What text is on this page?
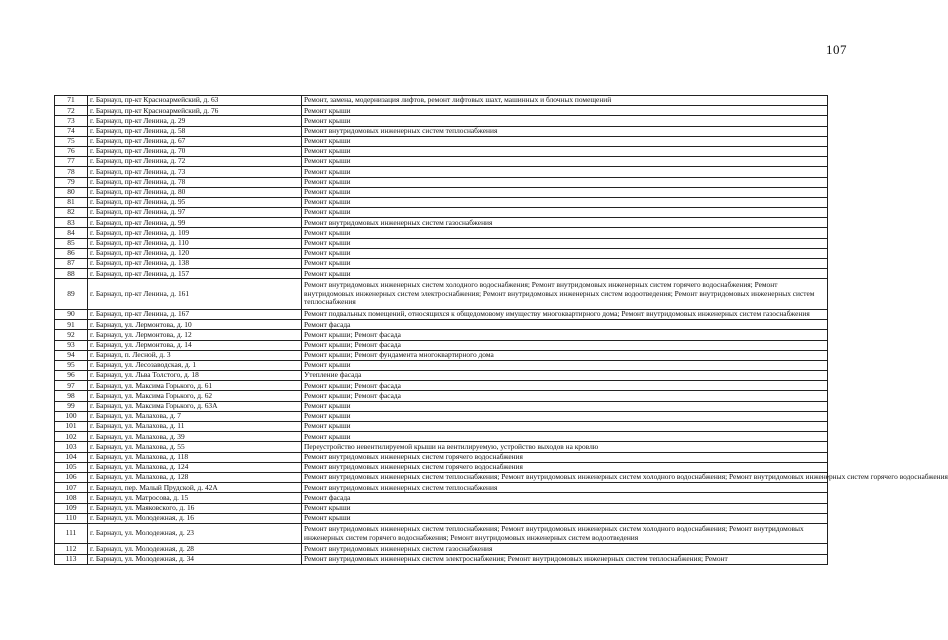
107
71	г. Барнаул, пр-кт Красноармейский, д. 63	Ремонт, замена, модернизация лифтов, ремонт лифтовых шахт, машинных и блочных помещений
72	г. Барнаул, пр-кт Красноармейский, д. 76	Ремонт крыши
73	г. Барнаул, пр-кт Ленина, д. 29	Ремонт крыши
74	г. Барнаул, пр-кт Ленина, д. 58	Ремонт внутридомовых инженерных систем теплоснабжения
75	г. Барнаул, пр-кт Ленина, д. 67	Ремонт крыши
76	г. Барнаул, пр-кт Ленина, д. 70	Ремонт крыши
77	г. Барнаул, пр-кт Ленина, д. 72	Ремонт крыши
78	г. Барнаул, пр-кт Ленина, д. 73	Ремонт крыши
79	г. Барнаул, пр-кт Ленина, д. 78	Ремонт крыши
80	г. Барнаул, пр-кт Ленина, д. 80	Ремонт крыши
81	г. Барнаул, пр-кт Ленина, д. 95	Ремонт крыши
82	г. Барнаул, пр-кт Ленина, д. 97	Ремонт крыши
83	г. Барнаул, пр-кт Ленина, д. 99	Ремонт внутридомовых инженерных систем газоснабжения
84	г. Барнаул, пр-кт Ленина, д. 109	Ремонт крыши
85	г. Барнаул, пр-кт Ленина, д. 110	Ремонт крыши
86	г. Барнаул, пр-кт Ленина, д. 120	Ремонт крыши
87	г. Барнаул, пр-кт Ленина, д. 138	Ремонт крыши
88	г. Барнаул, пр-кт Ленина, д. 157	Ремонт крыши
89	г. Барнаул, пр-кт Ленина, д. 161	Ремонт внутридомовых инженерных систем холодного водоснабжения; Ремонт внутридомовых инженерных систем горячего водоснабжения; Ремонт внутридомовых инженерных систем электроснабжения; Ремонт внутридомовых инженерных систем водоотведения; Ремонт внутридомовых инженерных систем теплоснабжения
90	г. Барнаул, пр-кт Ленина, д. 167	Ремонт подвальных помещений, относящихся к общедомовому имуществу многоквартирного дома; Ремонт внутридомовых инженерных систем газоснабжения
91	г. Барнаул, ул. Лермонтова, д. 10	Ремонт фасада
92	г. Барнаул, ул. Лермонтова, д. 12	Ремонт крыши; Ремонт фасада
93	г. Барнаул, ул. Лермонтова, д. 14	Ремонт крыши; Ремонт фасада
94	г. Барнаул, п. Лесной, д. 3	Ремонт крыши; Ремонт фундамента многоквартирного дома
95	г. Барнаул, ул. Лесозаводская, д. 1	Ремонт крыши
96	г. Барнаул, ул. Льва Толстого, д. 18	Утепление фасада
97	г. Барнаул, ул. Максима Горького, д. 61	Ремонт крыши; Ремонт фасада
98	г. Барнаул, ул. Максима Горького, д. 62	Ремонт крыши; Ремонт фасада
99	г. Барнаул, ул. Максима Горького, д. 63А	Ремонт крыши
100	г. Барнаул, ул. Малахова, д. 7	Ремонт крыши
101	г. Барнаул, ул. Малахова, д. 11	Ремонт крыши
102	г. Барнаул, ул. Малахова, д. 39	Ремонт крыши
103	г. Барнаул, ул. Малахова, д. 55	Переустройство невентилируемой крыши на вентилируемую, устройство выходов на кровлю
104	г. Барнаул, ул. Малахова, д. 118	Ремонт внутридомовых инженерных систем горячего водоснабжения
105	г. Барнаул, ул. Малахова, д. 124	Ремонт внутридомовых инженерных систем горячего водоснабжения
106	г. Барнаул, ул. Малахова, д. 128	Ремонт внутридомовых инженерных систем теплоснабжения; Ремонт внутридомовых инженерных систем холодного водоснабжения; Ремонт внутридомовых инженерных систем горячего водоснабжения
107	г. Барнаул, пер. Малый Прудской, д. 42А	Ремонт внутридомовых инженерных систем теплоснабжения
108	г. Барнаул, ул. Матросова, д. 15	Ремонт фасада
109	г. Барнаул, ул. Маяковского, д. 16	Ремонт крыши
110	г. Барнаул, ул. Молодежная, д. 16	Ремонт крыши
111	г. Барнаул, ул. Молодежная, д. 23	Ремонт внутридомовых инженерных систем теплоснабжения; Ремонт внутридомовых инженерных систем холодного водоснабжения; Ремонт внутридомовых инженерных систем горячего водоснабжения; Ремонт внутридомовых инженерных систем водоотведения
112	г. Барнаул, ул. Молодежная, д. 28	Ремонт внутридомовых инженерных систем газоснабжения
113	г. Барнаул, ул. Молодежная, д. 34	Ремонт внутридомовых инженерных систем электроснабжения; Ремонт внутридомовых инженерных систем теплоснабжения; Ремонт
